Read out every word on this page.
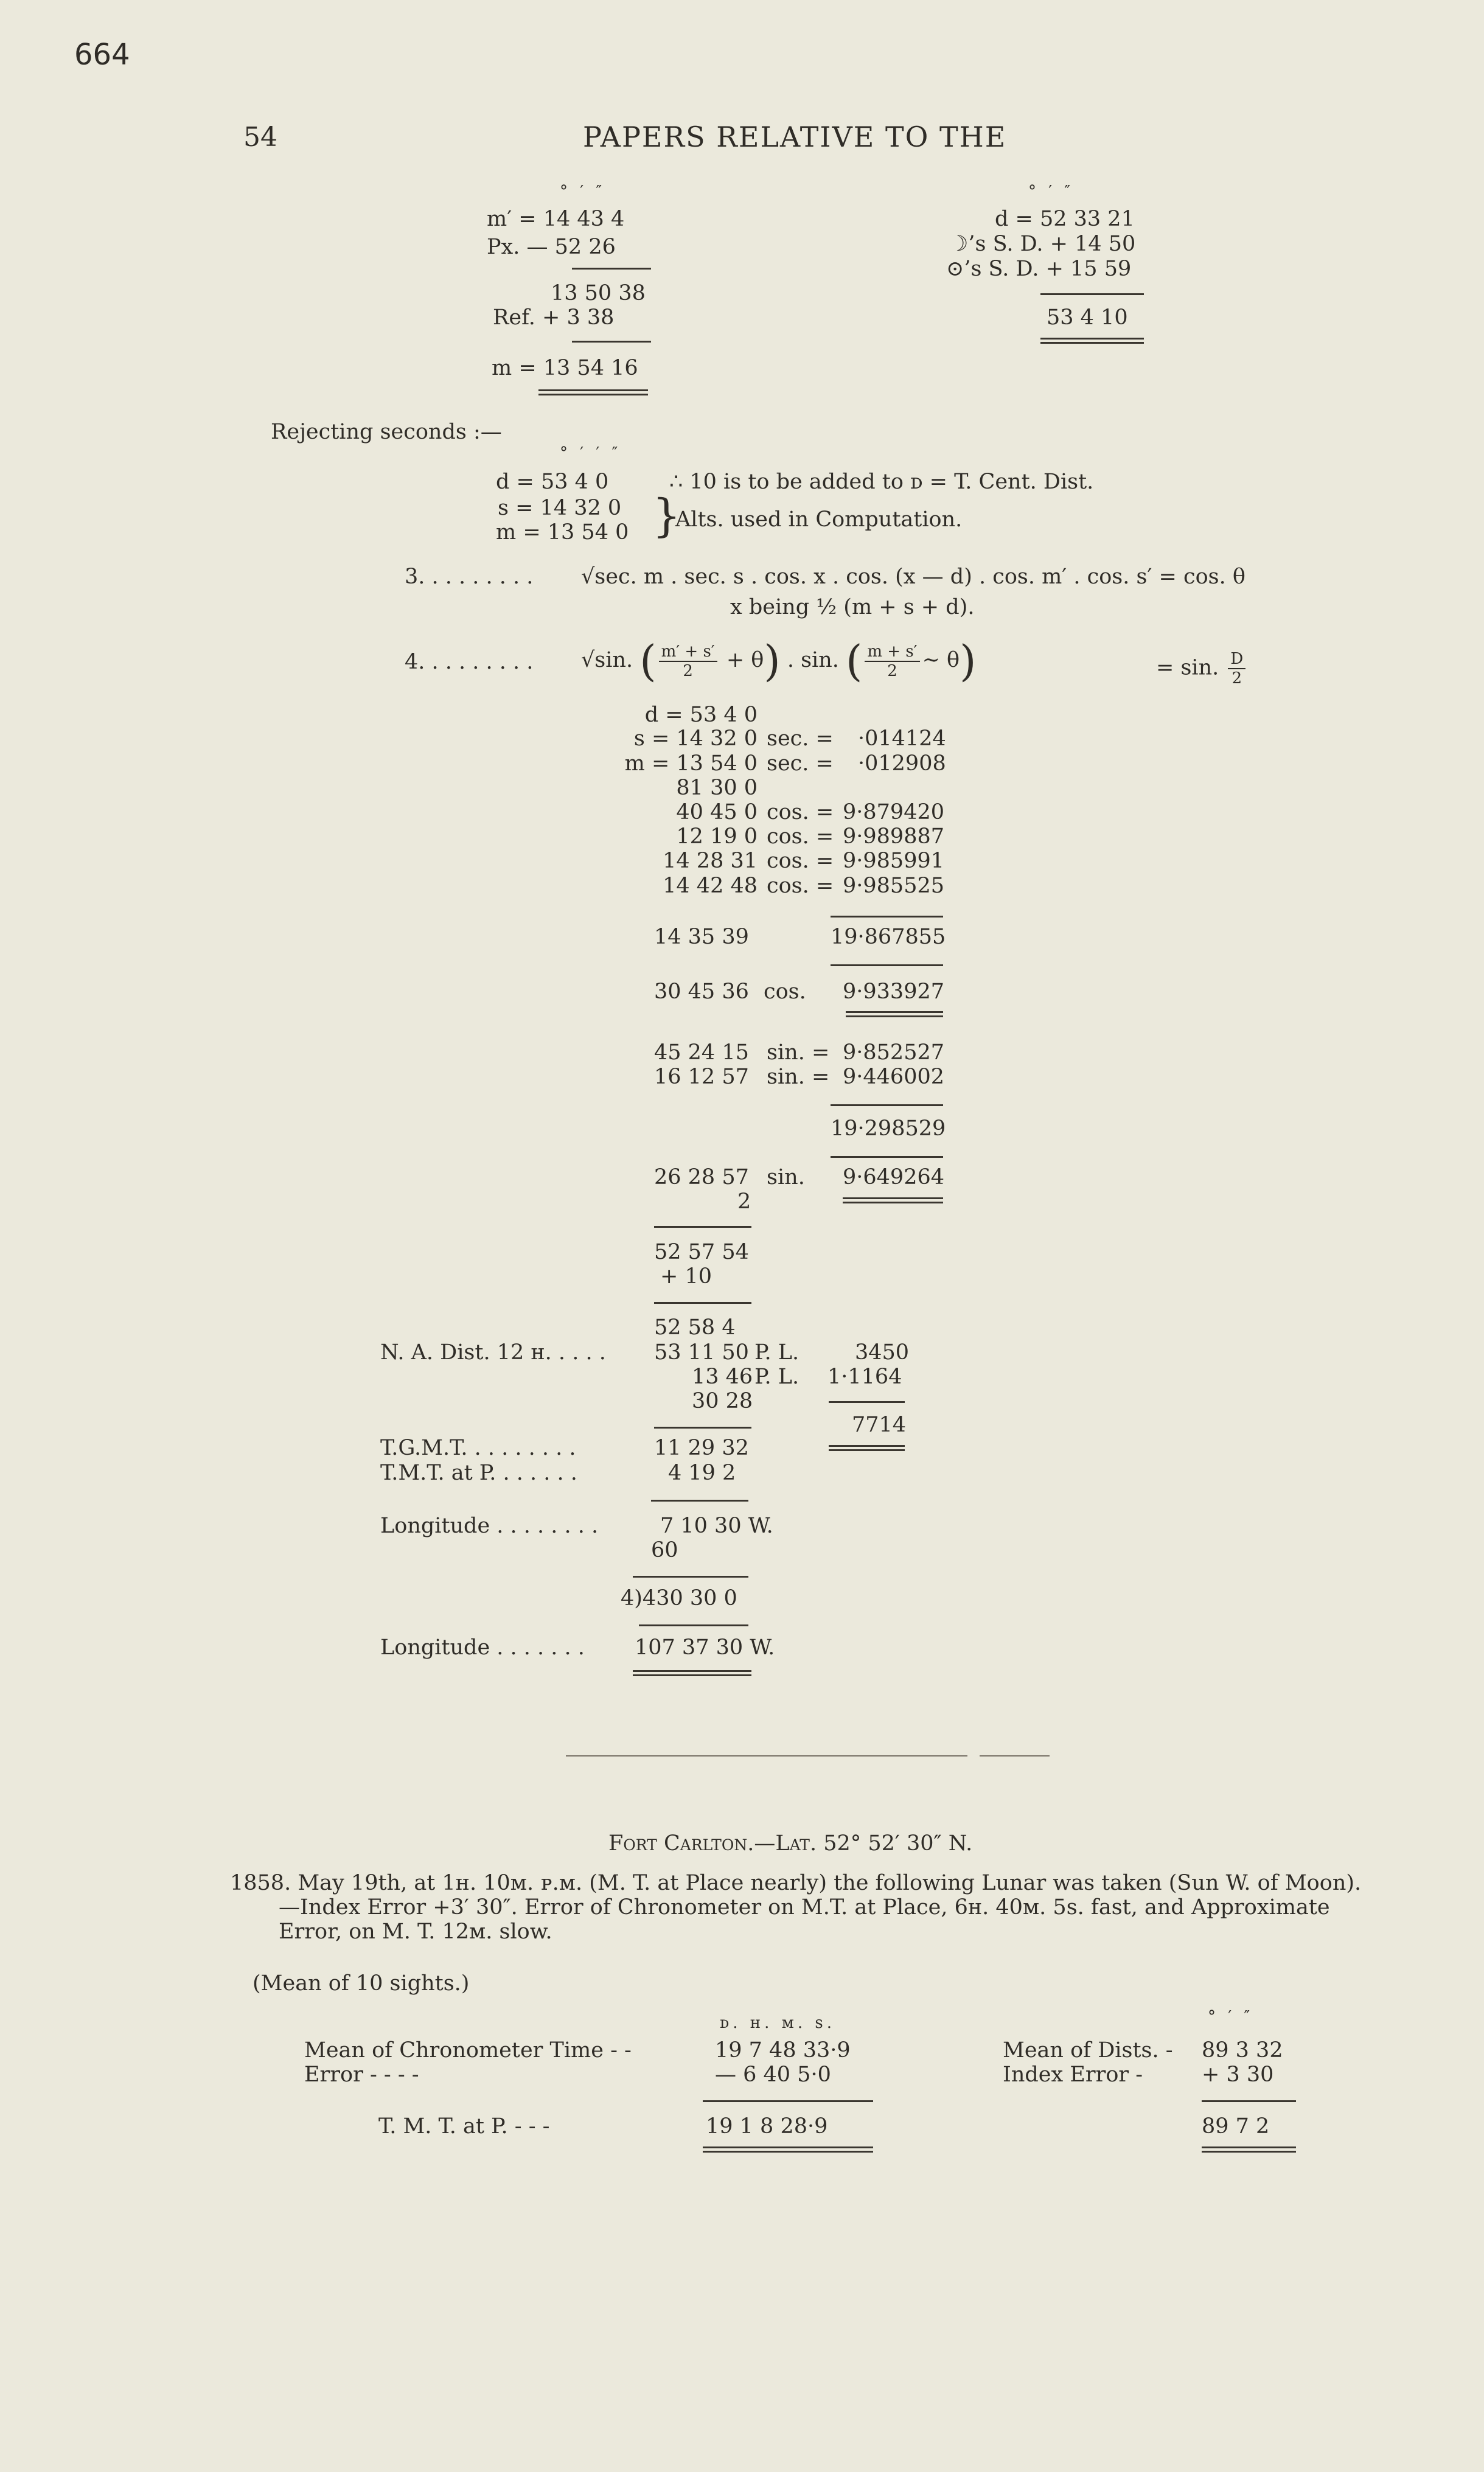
664
54	PAPERS RELATIVE TO THE
° ′ ″
m′ = 14 43 4
Px. — 52 26
13 50 38
Ref. + 3 38
m = 13 54 16
° ′ ″
d = 52 33 21
☽’s S. D. + 14 50
⊙’s S. D. + 15 59
53 4 10
Rejecting seconds :—
° ′ ′ ″
d = 53 4 0
s = 14 32 0
m = 13 54 0
∴ 10 is to be added to ᴅ = T. Cent. Dist.
}
Alts. used in Computation.
3. . . . . . . . . √sec. m . sec. s . cos. x . cos. (x — d) . cos. m′ . cos. s′ = cos. θ
x being ½ (m + s + d).
4. . . . . . . . . √sin. ( $\frac{m' + s'}{2} + \theta$) . sin. ( $\frac{m + s'}{2}$ ∼ θ)	= sin. $\frac{D}{2}$
d = 53 4 0
s = 14 32 0 sec. = ·014124
m = 13 54 0 sec. = ·012908
81 30 0
40 45 0 cos. = 9·879420
12 19 0 cos. = 9·989887
14 28 31 cos. = 9·985991
14 42 48 cos. = 9·985525
14 35 39	19·867855
30 45 36 cos. 9·933927
45 24 15 sin. = 9·852527
16 12 57 sin. = 9·446002
19·298529
26 28 57 sin. 9·649264
2
52 57 54
+ 10
52 58 4
N. A. Dist. 12 ʜ. . . . . 53 11 50 P. L.	3450
13 46 P. L. 1·1164
30 28
7714
T.G.M.T. . . . . . . . .	11 29 32
T.M.T. at P. . . . . . .	4 19 2
Longitude . . . . . . . .	7 10 30 W.
60
4)430 30 0
Longitude . . . . . . . 107 37 30 W.
Fort Carlton.—Lat. 52° 52′ 30″ N.
1858. May 19th, at 1ʜ. 10ᴍ. ᴘ.ᴍ. (M. T. at Place nearly) the following Lunar was taken (Sun W. of Moon).
—Index Error +3′ 30″. Error of Chronometer on M.T. at Place, 6ʜ. 40ᴍ. 5s. fast, and Approximate
Error, on M. T. 12ᴍ. slow.
(Mean of 10 sights.)
ᴅ. ʜ. ᴍ. s.	° ′ ″
Mean of Chronometer Time - -	19 7 48 33·9	Mean of Dists. - 89 3 32
Error - - - -	— 6 40 5·0	Index Error -	+ 3 30
T. M. T. at P. - - -	19 1 8 28·9	89 7 2
